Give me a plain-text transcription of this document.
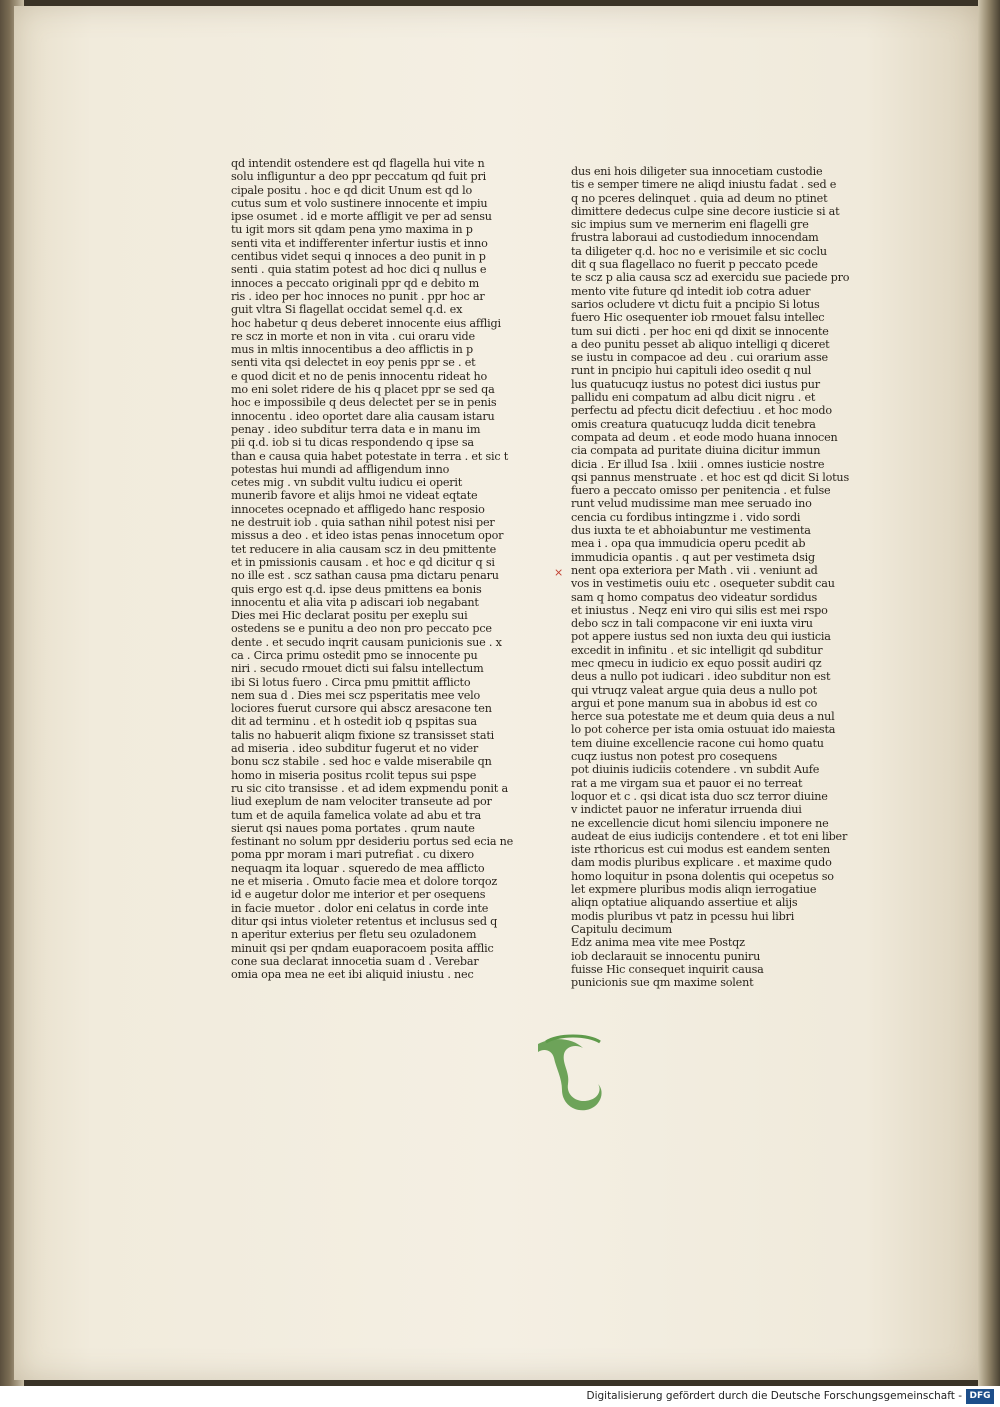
qd intendit ostendere est qd flagella hui vite n
solu infliguntur a deo ppr peccatum qd fuit pri
cipale positu . hoc e qd dicit Unum est qd lo
cutus sum et volo sustinere innocente et impiu
ipse osumet . id e morte affligit ve per ad sensu
tu igit mors sit qdam pena ymo maxima in p
senti vita et indifferenter infertur iustis et inno
centibus videt sequi q innoces a deo punit in p
senti . quia statim potest ad hoc dici q nullus e
innoces a peccato originali ppr qd e debito m
ris . ideo per hoc innoces no punit . ppr hoc ar
guit vltra Si flagellat occidat semel q.d. ex
hoc habetur q deus deberet innocente eius affligi
re scz in morte et non in vita . cui oraru vide
mus in mltis innocentibus a deo afflictis in p
senti vita qsi delectet in eoy penis ppr se . et
e quod dicit et no de penis innocentu rideat ho
mo eni solet ridere de his q placet ppr se sed qa
hoc e impossibile q deus delectet per se in penis
innocentu . ideo oportet dare alia causam istaru
penay . ideo subditur terra data e in manu im
pii q.d. iob si tu dicas respondendo q ipse sa
than e causa quia habet potestate in terra . et sic t
potestas hui mundi ad affligendum inno
cetes mig . vn subdit vultu iudicu ei operit
munerib favore et alijs hmoi ne videat eqtate
innocetes ocepnado et affligedo hanc resposio
ne destruit iob . quia sathan nihil potest nisi per
missus a deo . et ideo istas penas innocetum opor
tet reducere in alia causam scz in deu pmittente
et in pmissionis causam . et hoc e qd dicitur q si
no ille est . scz sathan causa pma dictaru penaru
quis ergo est q.d. ipse deus pmittens ea bonis
innocentu et alia vita p adiscari iob negabant
Dies mei Hic declarat positu per exeplu sui
ostedens se e punitu a deo non pro peccato pce
dente . et secudo inqrit causam punicionis sue . x
ca . Circa primu ostedit pmo se innocente pu
niri . secudo rmouet dicti sui falsu intellectum
ibi Si lotus fuero . Circa pmu pmittit afflicto
nem sua d . Dies mei scz psperitatis mee velo
lociores fuerut cursore qui abscz aresacone ten
dit ad terminu . et h ostedit iob q pspitas sua
talis no habuerit aliqm fixione sz transisset stati
ad miseria . ideo subditur fugerut et no vider
bonu scz stabile . sed hoc e valde miserabile qn
homo in miseria positus rcolit tepus sui pspe
ru sic cito transisse . et ad idem expmendu ponit a
liud exeplum de nam velociter transeute ad por
tum et de aquila famelica volate ad abu et tra
sierut qsi naues poma portates . qrum naute
festinant no solum ppr desideriu portus sed ecia ne
poma ppr moram i mari putrefiat . cu dixero
nequaqm ita loquar . squeredo de mea afflicto
ne et miseria . Omuto facie mea et dolore torqoz
id e augetur dolor me interior et per osequens
in facie muetor . dolor eni celatus in corde inte
ditur qsi intus violeter retentus et inclusus sed q
n aperitur exterius per fletu seu ozuladonem
minuit qsi per qndam euaporacoem posita afflic
cone sua declarat innocetia suam d . Verebar
omia opa mea ne eet ibi aliquid iniustu . nec
dus eni hois diligeter sua innocetiam custodie
tis e semper timere ne aliqd iniustu fadat . sed e
q no pceres delinquet . quia ad deum no ptinet
dimittere dedecus culpe sine decore iusticie si at
sic impius sum ve mernerim eni flagelli gre
frustra laboraui ad custodiedum innocendam
ta diligeter q.d. hoc no e verisimile et sic coclu
dit q sua flagellaco no fuerit p peccato pcede
te scz p alia causa scz ad exercidu sue paciede pro
mento vite future qd intedit iob cotra aduer
sarios ocludere vt dictu fuit a pncipio Si lotus
fuero Hic osequenter iob rmouet falsu intellec
tum sui dicti . per hoc eni qd dixit se innocente
a deo punitu pesset ab aliquo intelligi q diceret
se iustu in compacoe ad deu . cui orarium asse
runt in pncipio hui capituli ideo osedit q nul
lus quatucuqz iustus no potest dici iustus pur
pallidu eni compatum ad albu dicit nigru . et
perfectu ad pfectu dicit defectiuu . et hoc modo
omis creatura quatucuqz ludda dicit tenebra
compata ad deum . et eode modo huana innocen
cia compata ad puritate diuina dicitur immun
dicia . Er illud Isa . lxiii . omnes iusticie nostre
qsi pannus menstruate . et hoc est qd dicit Si lotus
fuero a peccato omisso per penitencia . et fulse
runt velud mudissime man mee seruado ino
cencia cu fordibus intingzme i . vido sordi
dus iuxta te et abhoiabuntur me vestimenta
mea i . opa qua immudicia operu pcedit ab
immudicia opantis . q aut per vestimeta dsig
nent opa exteriora per Math . vii . veniunt ad
vos in vestimetis ouiu etc . osequeter subdit cau
sam q homo compatus deo videatur sordidus
et iniustus . Neqz eni viro qui silis est mei rspo
debo scz in tali compacone vir eni iuxta viru
pot appere iustus sed non iuxta deu qui iusticia
excedit in infinitu . et sic intelligit qd subditur
mec qmecu in iudicio ex equo possit audiri qz
deus a nullo pot iudicari . ideo subditur non est
qui vtruqz valeat argue quia deus a nullo pot
argui et pone manum sua in abobus id est co
herce sua potestate me et deum quia deus a nul
lo pot coherce per ista omia ostuuat ido maiesta
tem diuine excellencie racone cui homo quatu
cuqz iustus non potest pro cosequens
pot diuinis iudiciis cotendere . vn subdit Aufe
rat a me virgam sua et pauor ei no terreat
loquor et c . qsi dicat ista duo scz terror diuine
v indictet pauor ne inferatur irruenda diui
ne excellencie dicut homi silenciu imponere ne
audeat de eius iudicijs contendere . et tot eni liber
iste rthoricus est cui modus est eandem senten
dam modis pluribus explicare . et maxime qudo
homo loquitur in psona dolentis qui ocepetus so
let expmere pluribus modis aliqn ierrogatiue
aliqn optatiue aliquando assertiue et alijs
modis pluribus vt patz in pcessu hui libri
Capitulu decimum
Edz anima mea vite mee Postqz
iob declarauit se innocentu puniru
fuisse Hic consequet inquirit causa
punicionis sue qm maxime solent
×
Digitalisierung gefördert durch die Deutsche Forschungsgemeinschaft - DFG
